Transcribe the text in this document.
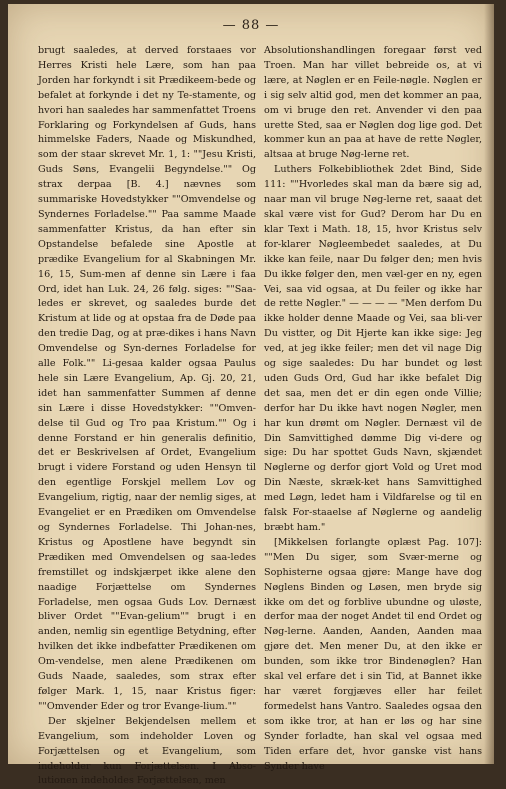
— 88 —

brugt saaledes, at derved forstaaes vor Herres Kristi hele Lære, som han paa Jorden har forkyndt i sit Prædikeem-bede og befalet at forkynde i det ny Te-stamente, og hvori han saaledes har sammenfattet Troens Forklaring og Forkyndelsen af Guds, hans himmelske Faders, Naade og Miskundhed, som der staar skrevet Mr. 1, 1: ""Jesu Kristi, Guds Søns, Evangelii Begyndelse."" Og strax derpaa [B. 4.] nævnes som summariske Hovedstykker ""Omvendelse og Syndernes Forladelse."" Paa samme Maade sammenfatter Kristus, da han efter sin Opstandelse befalede sine Apostle at prædike Evangelium for al Skabningen Mr. 16, 15, Sum-men af denne sin Lære i faa Ord, idet han Luk. 24, 26 følg. siges: ""Saa-ledes er skrevet, og saaledes burde det Kristum at lide og at opstaa fra de Døde paa den tredie Dag, og at præ-dikes i hans Navn Omvendelse og Syn-dernes Forladelse for alle Folk."" Li-gesaa kalder ogsaa Paulus hele sin Lære Evangelium, Ap. Gj. 20, 21, idet han sammenfatter Summen af denne sin Lære i disse Hovedstykker: ""Omven-delse til Gud og Tro paa Kristum."" Og i denne Forstand er hin generalis definitio, det er Beskrivelsen af Ordet, Evangelium brugt i videre Forstand og uden Hensyn til den egentlige Forskjel mellem Lov og Evangelium, rigtig, naar der nemlig siges, at Evangeliet er en Prædiken om Omvendelse og Syndernes Forladelse. Thi Johan-nes, Kristus og Apostlene have begyndt sin Prædiken med Omvendelsen og saa-ledes fremstillet og indskjærpet ikke alene den naadige Forjættelse om Syndernes Forladelse, men ogsaa Guds Lov. Dernæst bliver Ordet ""Evan-gelium"" brugt i en anden, nemlig sin egentlige Betydning, efter hvilken det ikke indbefatter Prædikenen om Om-vendelse, men alene Prædikenen om Guds Naade, saaledes, som strax efter følger Mark. 1, 15, naar Kristus figer: ""Omvender Eder og tror Evange-lium.""

Der skjelner Bekjendelsen mellem et Evangelium, som indeholder Loven og Forjættelsen og et Evangelium, som indeholder kun Forjættelsen. I Abso-lutionen indeholdes Forjættelsen, men

Absolutionshandlingen foregaar først ved Troen. Man har villet bebreide os, at vi lære, at Nøglen er en Feile-nøgle. Nøglen er i sig selv altid god, men det kommer an paa, om vi bruge den ret. Anvender vi den paa urette Sted, saa er Nøglen dog lige god. Det kommer kun an paa at have de rette Nøgler, altsaa at bruge Nøg-lerne ret.

Luthers Folkebibliothek 2det Bind, Side 111: ""Hvorledes skal man da bære sig ad, naar man vil bruge Nøg-lerne ret, saaat det skal være vist for Gud? Derom har Du en klar Text i Math. 18, 15, hvor Kristus selv for-klarer Nøgleembedet saaledes, at Du ikke kan feile, naar Du følger den; men hvis Du ikke følger den, men væl-ger en ny, egen Vei, saa vid ogsaa, at Du feiler og ikke har de rette Nøgler." — — — — "Men derfom Du ikke holder denne Maade og Vei, saa bli-ver Du vistter, og Dit Hjerte kan ikke sige: Jeg ved, at jeg ikke feiler; men det vil nage Dig og sige saaledes: Du har bundet og løst uden Guds Ord, Gud har ikke befalet Dig det saa, men det er din egen onde Villie; derfor har Du ikke havt nogen Nøgler, men har kun drømt om Nøgler. Dernæst vil de Din Samvittighed dømme Dig vi-dere og sige: Du har spottet Guds Navn, skjændet Nøglerne og derfor gjort Vold og Uret mod Din Næste, skræk-ket hans Samvittighed med Løgn, ledet ham i Vildfarelse og til en falsk For-staaelse af Nøglerne og aandelig bræbt ham."

[Mikkelsen forlangte oplæst Pag. 107]: ""Men Du siger, som Svær-merne og Sophisterne ogsaa gjøre: Mange have dog Nøglens Binden og Løsen, men bryde sig ikke om det og forblive ubundne og uløste, derfor maa der noget Andet til end Ordet og Nøg-lerne. Aanden, Aanden, Aanden maa gjøre det. Men mener Du, at den ikke er bunden, som ikke tror Bindenøglen? Han skal vel erfare det i sin Tid, at Bannet ikke har været forgjæves eller har feilet formedelst hans Vantro. Saaledes ogsaa den som ikke tror, at han er løs og har sine Synder forladte, han skal vel ogsaa med Tiden erfare det, hvor ganske vist hans Synder have
